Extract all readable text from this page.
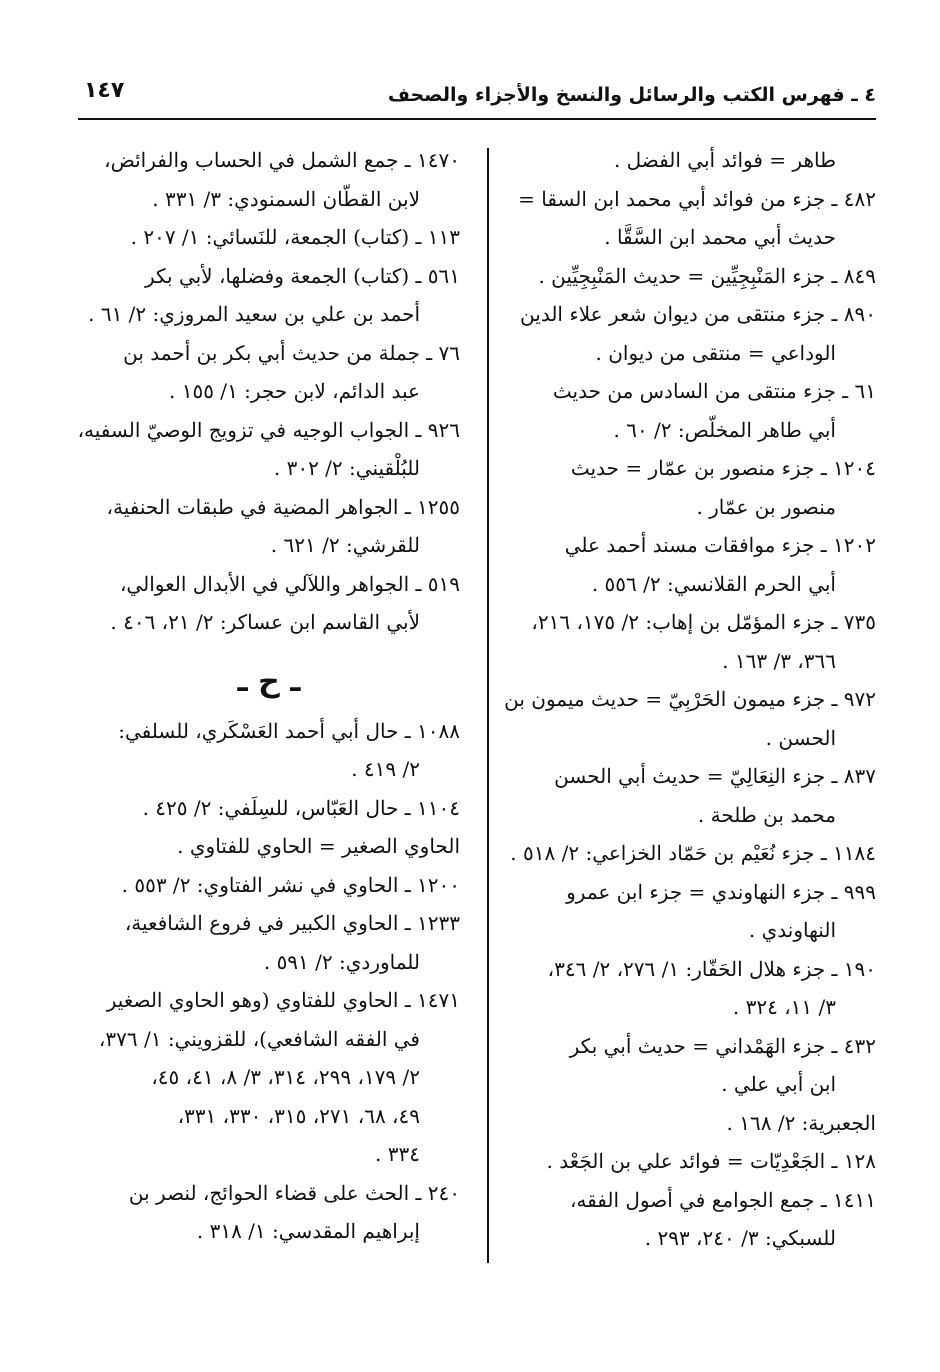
٤ ـ فهرس الكتب والرسائل والنسخ والأجزاء والصحف
١٤٧
طاهر = فوائد أبي الفضل .
٤٨٢ ـ جزء من فوائد أبي محمد ابن السقا =
حديث أبي محمد ابن السَّقَّا .
٨٤٩ ـ جزء المَنْبِجِيِّين = حديث المَنْبِجِيِّين .
٨٩٠ ـ جزء منتقى من ديوان شعر علاء الدين
الوداعي = منتقى من ديوان .
٦١ ـ جزء منتقى من السادس من حديث
أبي طاهر المخلّص: ٢/ ٦٠ .
١٢٠٤ ـ جزء منصور بن عمّار = حديث
منصور بن عمّار .
١٢٠٢ ـ جزء موافقات مسند أحمد علي
أبي الحرم القلانسي: ٢/ ٥٥٦ .
٧٣٥ ـ جزء المؤمّل بن إهاب: ٢/ ١٧٥، ٢١٦،
٣٦٦، ٣/ ١٦٣ .
٩٧٢ ـ جزء ميمون الحَرْبِيّ = حديث ميمون بن
الحسن .
٨٣٧ ـ جزء النِعَالِيّ = حديث أبي الحسن
محمد بن طلحة .
١١٨٤ ـ جزء نُعَيْم بن حَمّاد الخزاعي: ٢/ ٥١٨ .
٩٩٩ ـ جزء النهاوندي = جزء ابن عمرو
النهاوندي .
١٩٠ ـ جزء هلال الحَفّار: ١/ ٢٧٦، ٢/ ٣٤٦،
٣/ ١١، ٣٢٤ .
٤٣٢ ـ جزء الهَمْداني = حديث أبي بكر
ابن أبي علي .
الجعبرية: ٢/ ١٦٨ .
١٢٨ ـ الجَعْدِيّات = فوائد علي بن الجَعْد .
١٤١١ ـ جمع الجوامع في أصول الفقه،
للسبكي: ٣/ ٢٤٠، ٢٩٣ .
١٤٧٠ ـ جمع الشمل في الحساب والفرائض،
لابن القطّان السمنودي: ٣/ ٣٣١ .
١١٣ ـ (كتاب) الجمعة، للنَسائي: ١/ ٢٠٧ .
٥٦١ ـ (كتاب) الجمعة وفضلها، لأبي بكر
أحمد بن علي بن سعيد المروزي: ٢/ ٦١ .
٧٦ ـ جملة من حديث أبي بكر بن أحمد بن
عبد الدائم، لابن حجر: ١/ ١٥٥ .
٩٢٦ ـ الجواب الوجيه في تزويج الوصيّ السفيه،
للبُلْقيني: ٢/ ٣٠٢ .
١٢٥٥ ـ الجواهر المضية في طبقات الحنفية،
للقرشي: ٢/ ٦٢١ .
٥١٩ ـ الجواهر واللآلي في الأبدال العوالي،
لأبي القاسم ابن عساكر: ٢/ ٢١، ٤٠٦ .
ـ ح ـ
١٠٨٨ ـ حال أبي أحمد العَسْكَري، للسلفي:
٢/ ٤١٩ .
١١٠٤ ـ حال العَبّاس، للسِلَفي: ٢/ ٤٢٥ .
الحاوي الصغير = الحاوي للفتاوي .
١٢٠٠ ـ الحاوي في نشر الفتاوي: ٢/ ٥٥٣ .
١٢٣٣ ـ الحاوي الكبير في فروع الشافعية،
للماوردي: ٢/ ٥٩١ .
١٤٧١ ـ الحاوي للفتاوي (وهو الحاوي الصغير
في الفقه الشافعي)، للقزويني: ١/ ٣٧٦،
٢/ ١٧٩، ٢٩٩، ٣١٤، ٣/ ٨، ٤١، ٤٥،
٤٩، ٦٨، ٢٧١، ٣١٥، ٣٣٠، ٣٣١،
٣٣٤ .
٢٤٠ ـ الحث على قضاء الحوائج، لنصر بن
إبراهيم المقدسي: ١/ ٣١٨ .
